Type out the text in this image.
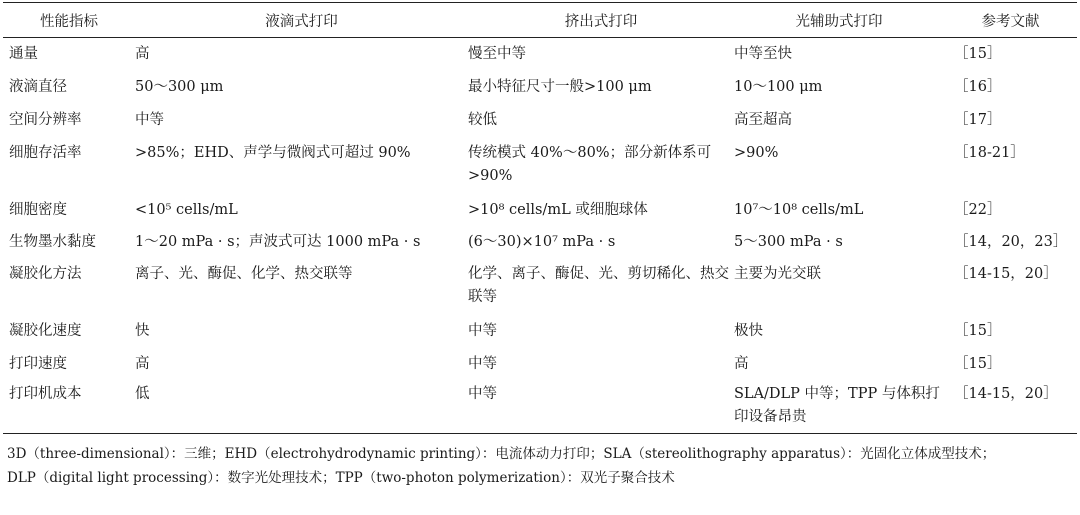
性能指标	液滴式打印	挤出式打印	光辅助式打印	参考文献

通量	高	慢至中等	中等至快	［15］

液滴直径	50～300 μm	最小特征尺寸一般>100 μm	10～100 μm	［16］

空间分辨率	中等	较低	高至超高	［17］

细胞存活率	>85%；EHD、声学与微阀式可超过 90%	传统模式 40%～80%；部分新体系可>90%	>90%	［18-21］

细胞密度	<10⁵ cells/mL	>10⁸ cells/mL 或细胞球体	10⁷～10⁸ cells/mL	［22］

生物墨水黏度	1～20 mPa · s；声波式可达 1000 mPa · s	(6～30)×10⁷ mPa · s	5～300 mPa · s	［14，20，23］

凝胶化方法	离子、光、酶促、化学、热交联等	化学、离子、酶促、光、剪切稀化、热交联等	主要为光交联	［14-15，20］

凝胶化速度	快	中等	极快	［15］

打印速度	高	中等	高	［15］

打印机成本	低	中等	SLA/DLP 中等；TPP 与体积打印设备昂贵	［14-15，20］
3D（three-dimensional）：三维；EHD（electrohydrodynamic printing）：电流体动力打印；SLA（stereolithography apparatus）：光固化立体成型技术；
DLP（digital light processing）：数字光处理技术；TPP（two-photon polymerization）：双光子聚合技术
